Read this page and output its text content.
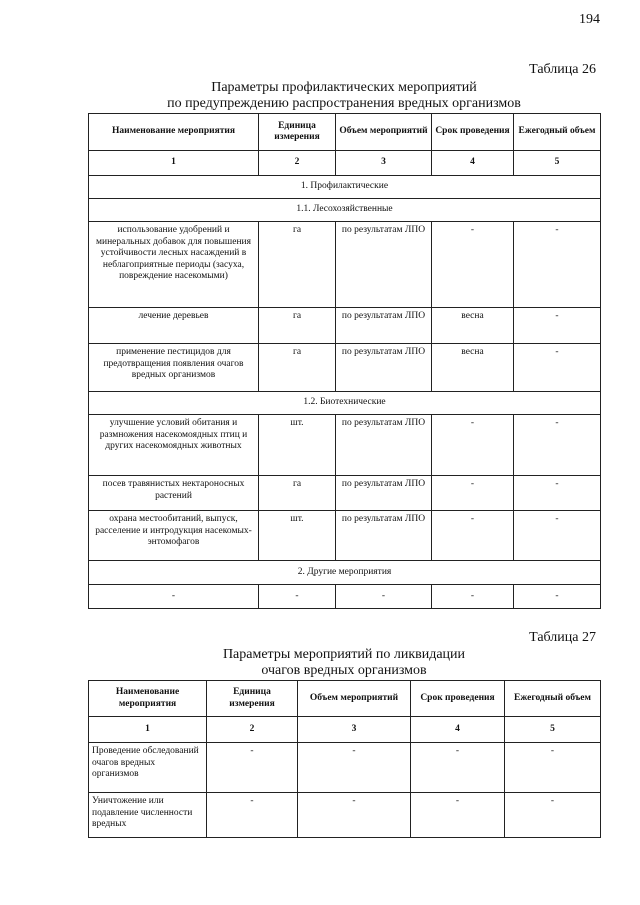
194
Таблица 26
Параметры профилактических мероприятий
по предупреждению распространения вредных организмов
Наименование мероприятия	Единица измерения	Объем мероприятий	Срок проведения	Ежегодный объем
1	2	3	4	5
1. Профилактические				
1.1. Лесохозяйственные				
использование удобрений и минеральных добавок для повышения устойчивости лесных насаждений в неблагоприятные периоды (засуха, повреждение насекомыми)	га	по результатам ЛПО	-	-
лечение деревьев	га	по результатам ЛПО	весна	-
применение пестицидов для предотвращения появления очагов вредных организмов	га	по результатам ЛПО	весна	-
1.2. Биотехнические				
улучшение условий обитания и размножения насекомоядных птиц и других насекомоядных животных	шт.	по результатам ЛПО	-	-
посев травянистых нектароносных растений	га	по результатам ЛПО	-	-
охрана местообитаний, выпуск, расселение и интродукция насекомых-энтомофагов	шт.	по результатам ЛПО	-	-
2. Другие мероприятия				
-	-	-	-	-
Таблица 27
Параметры мероприятий по ликвидации
очагов вредных организмов
Наименование мероприятия	Единица измерения	Объем мероприятий	Срок проведения	Ежегодный объем
1	2	3	4	5
Проведение обследований очагов вредных организмов	-	-	-	-
Уничтожение или подавление численности вредных	-	-	-	-
